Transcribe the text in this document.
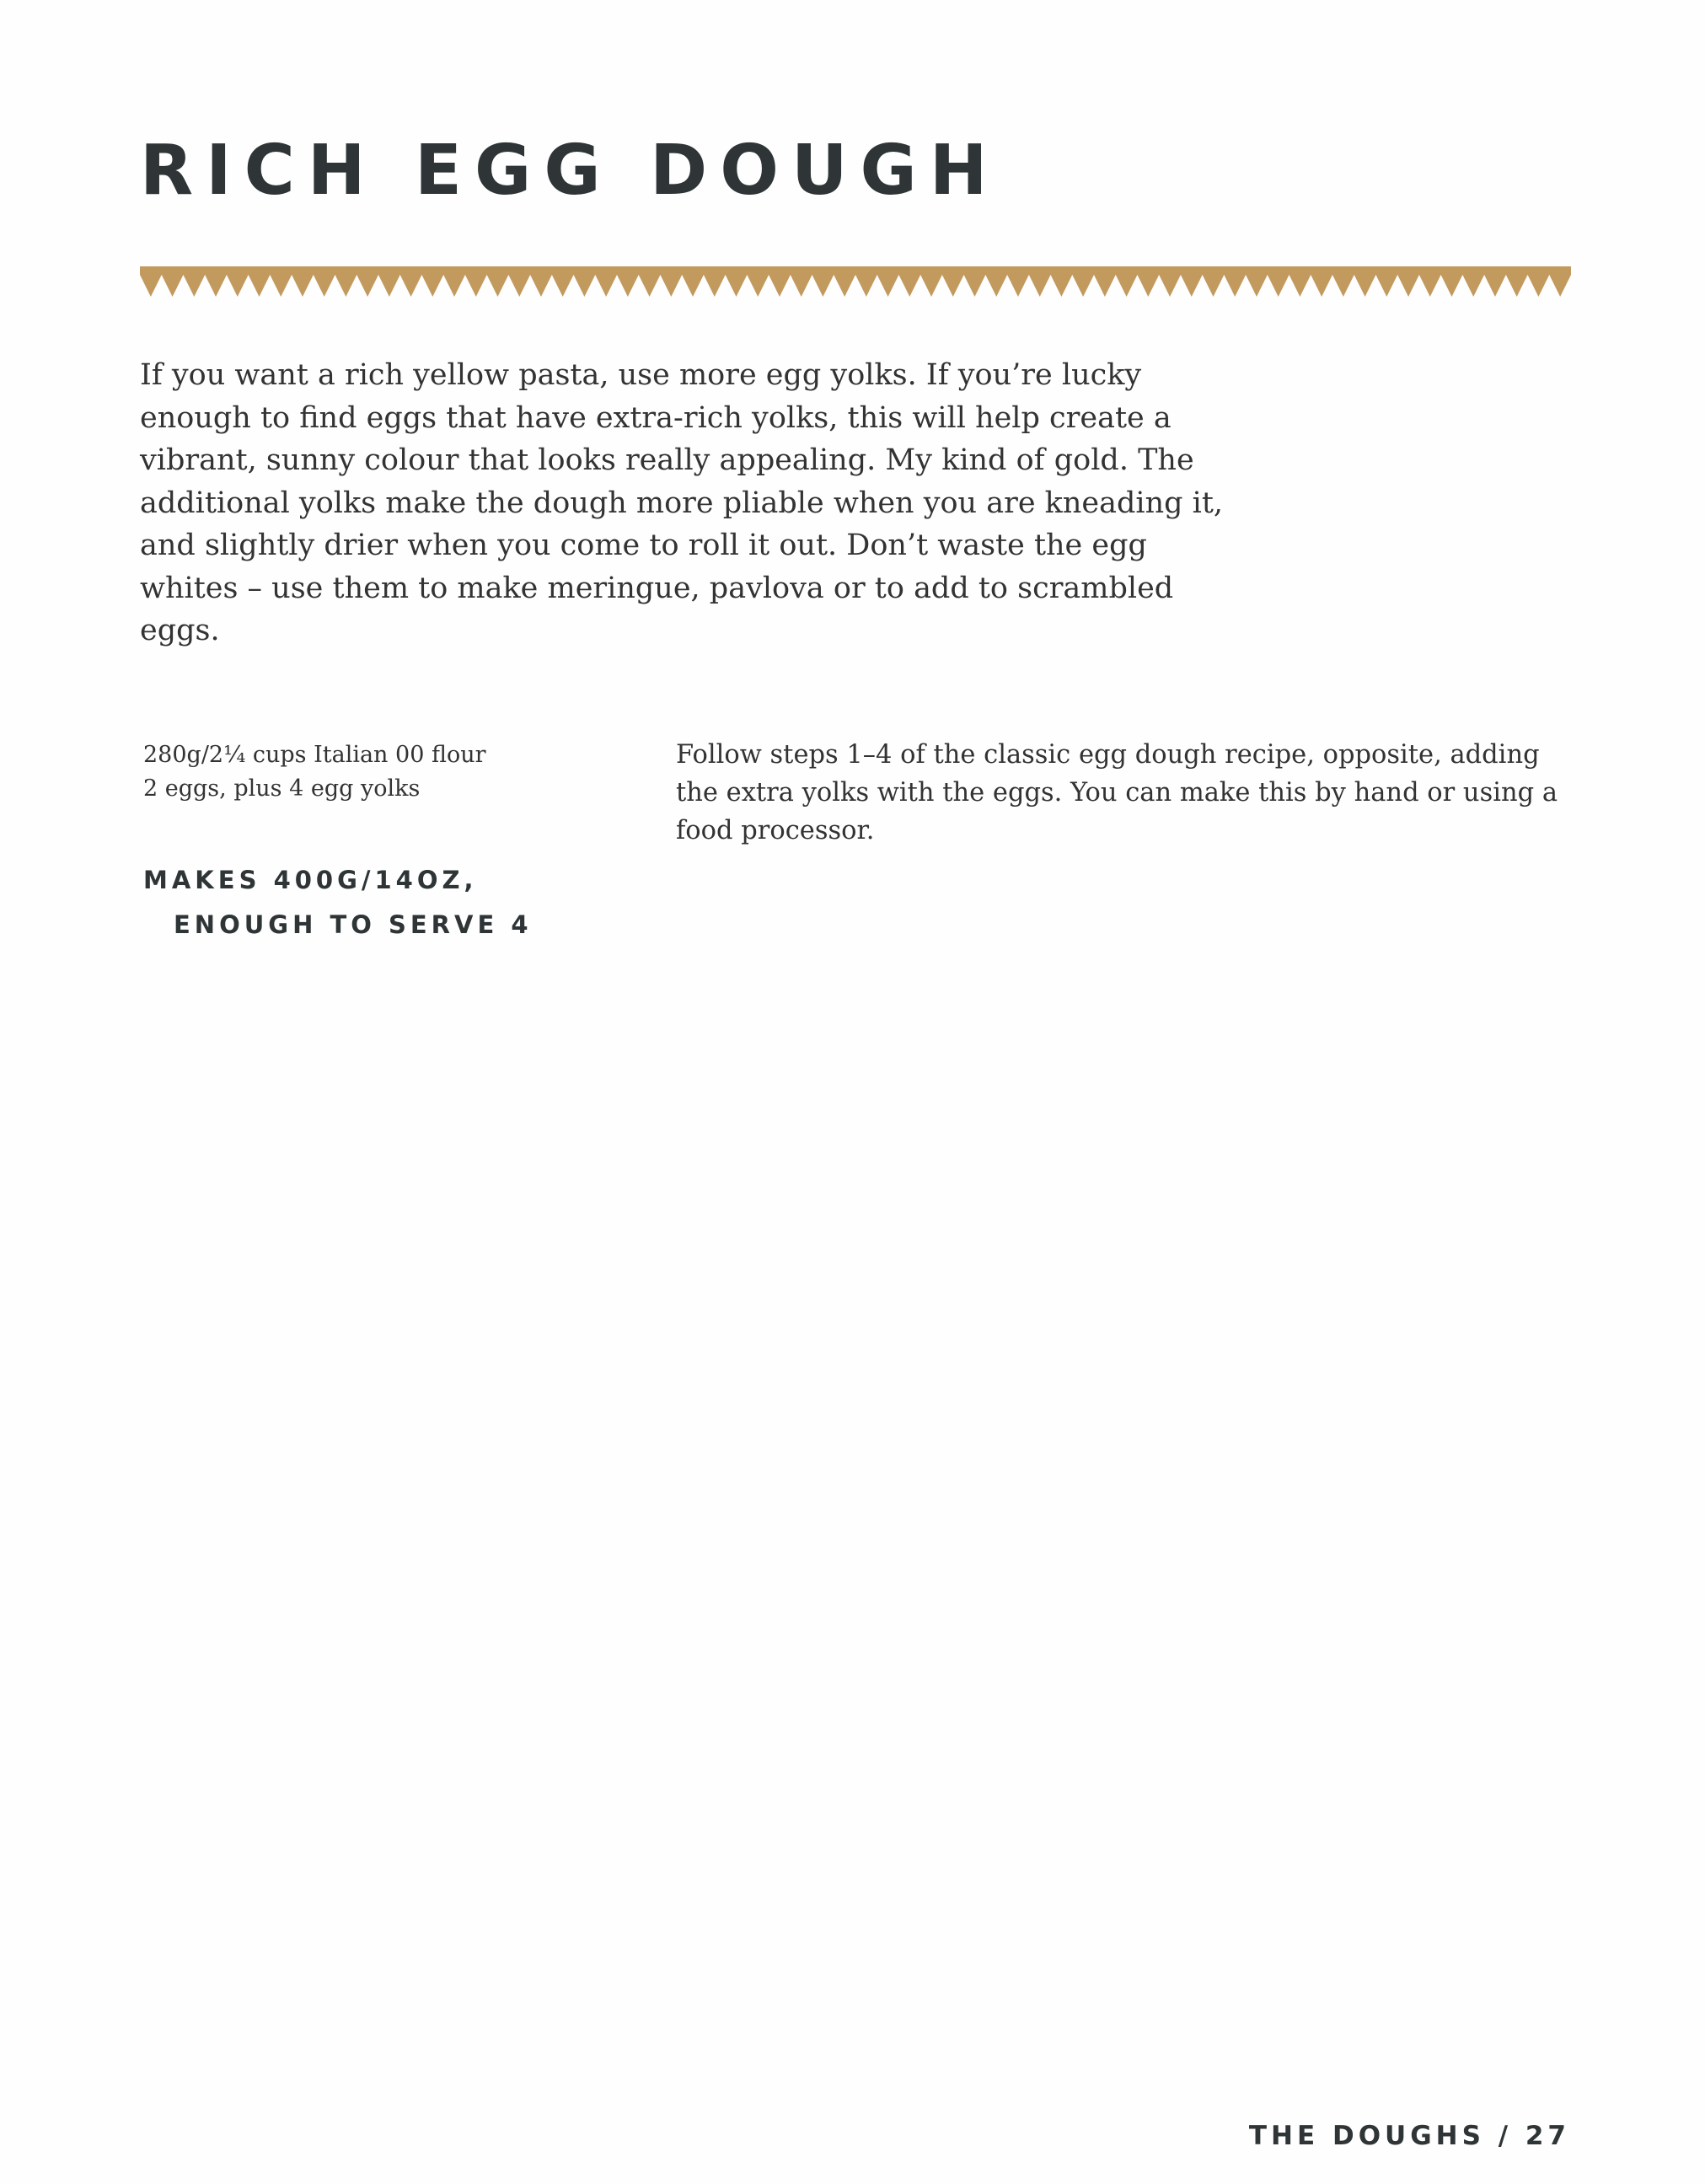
RICH EGG DOUGH

If you want a rich yellow pasta, use more egg yolks. If you’re lucky enough to find eggs that have extra-rich yolks, this will help create a vibrant, sunny colour that looks really appealing. My kind of gold. The additional yolks make the dough more pliable when you are kneading it, and slightly drier when you come to roll it out. Don’t waste the egg whites – use them to make meringue, pavlova or to add to scrambled eggs.

280g/2¼ cups Italian 00 flour
2 eggs, plus 4 egg yolks
MAKES 400G/14OZ,
ENOUGH TO SERVE 4

Follow steps 1–4 of the classic egg dough recipe, opposite, adding the extra yolks with the eggs. You can make this by hand or using a food processor.

THE DOUGHS / 27
